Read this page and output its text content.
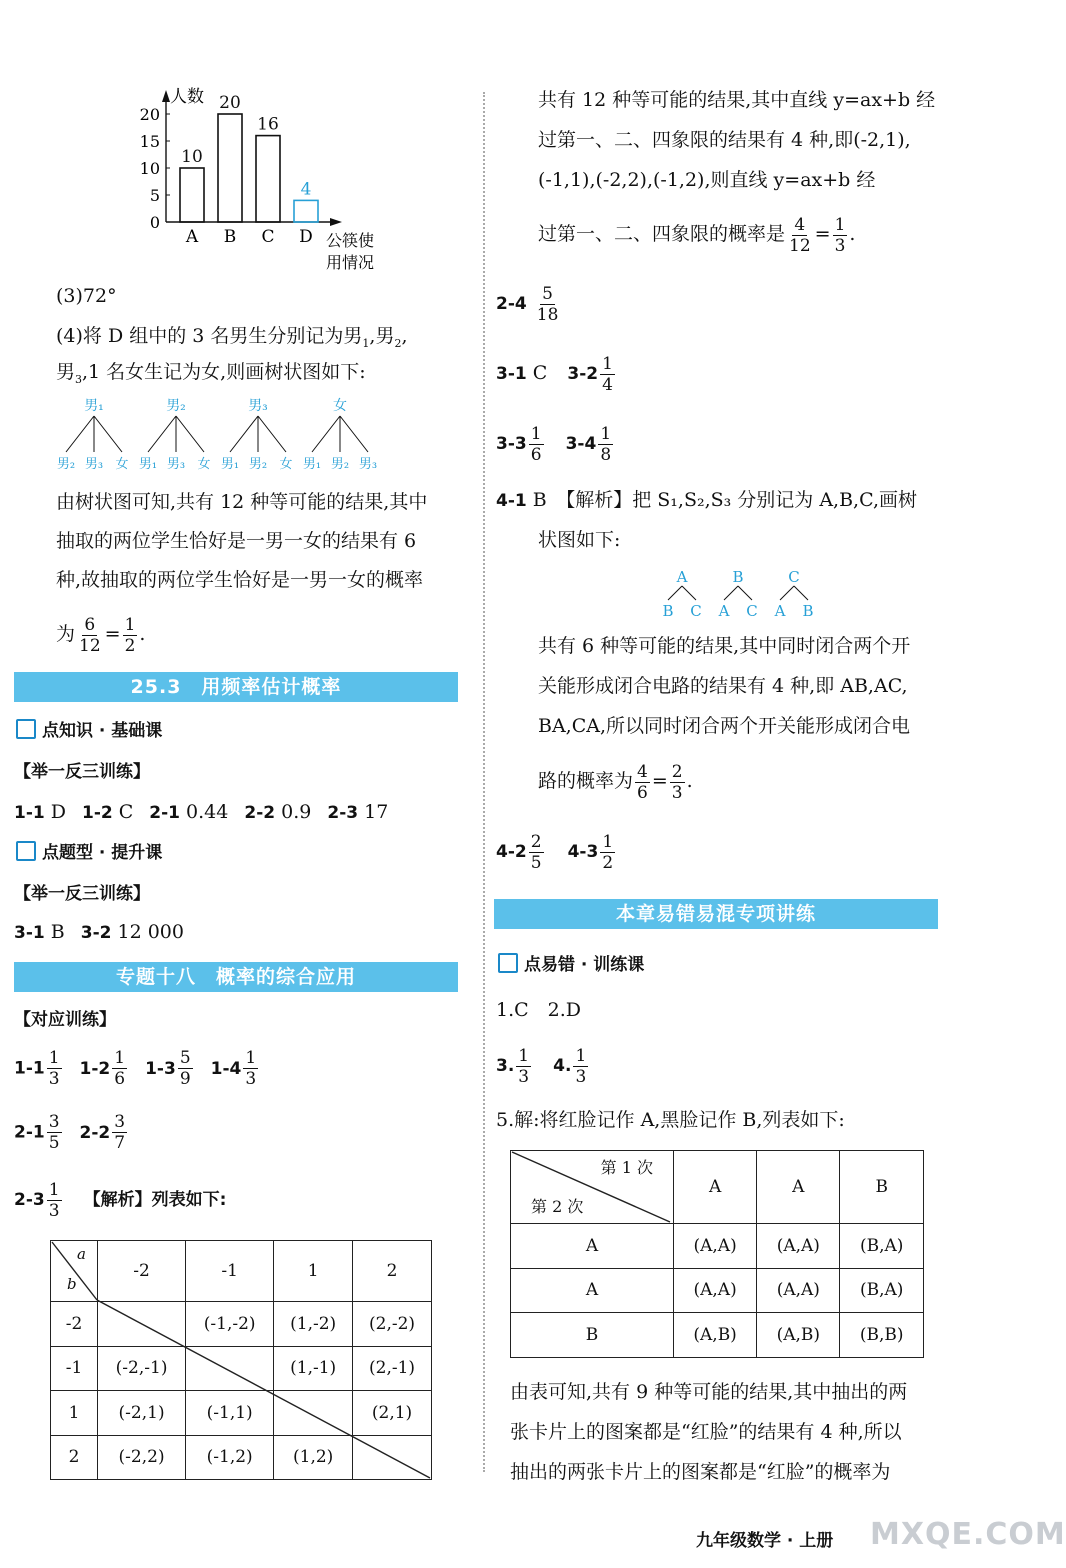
人数
0
5
10
15
20
10
A
20
B
16
C
4
D 公筷使
用情况
(3)72°
(4)将 D 组中的 3 名男生分别记为男$_1$,男$_2$,
男$_3$,1 名女生记为女,则画树状图如下:
男₁
男₂ 男₃ 女
男₂
男₁ 男₃ 女
男₃
男₁ 男₂ 女
女
男₁ 男₂ 男₃
由树状图可知,共有 12 种等可能的结果,其中
抽取的两位学生恰好是一男一女的结果有 6
种,故抽取的两位学生恰好是一男一女的概率
为 $\frac{6}{12} = \frac{1}{2}$ .
25.3　用频率估计概率
点知识 · 基础课
【举一反三训练】
1-1 D 1-2 C 2-1 0.44 2-2 0.9 2-3 17
点题型 · 提升课
【举一反三训练】
3-1 B 3-2 12 000
专题十八　概率的综合应用
【对应训练】
$1-1 \frac{1}{3} 1-2 \frac{1}{6} 1-3 \frac{5}{9} 1-4 \frac{1}{3}$
$2-1 \frac{3}{5} 2-2 \frac{3}{7}$
$2-3 \frac{1}{3}$ 【解析】列表如下:
a
b	-2	-1	1	2
-2		(-1,-2)	(1,-2)	(2,-2)
-1	(-2,-1)		(1,-1)	(2,-1)
1	(-2,1)	(-1,1)		(2,1)
2	(-2,2)	(-1,2)	(1,2)	
共有 12 种等可能的结果,其中直线 y=ax+b 经
过第一、二、四象限的结果有 4 种,即(-2,1),
(-1,1),(-2,2),(-1,2),则直线 y=ax+b 经
过第一、二、四象限的概率是 $\frac{4}{12} = \frac{1}{3}$ .
$2-4 \frac{5}{18}$
3-1 C $3-2 \frac{1}{4}$
$3-3 \frac{1}{6} 3-4 \frac{1}{8}$
4-1 B　【解析】把 S₁,S₂,S₃ 分别记为 A,B,C,画树
状图如下:
A
B C
B
A C
C
A B
共有 6 种等可能的结果,其中同时闭合两个开
关能形成闭合电路的结果有 4 种,即 AB,AC,
BA,CA,所以同时闭合两个开关能形成闭合电
路的概率为 $\frac{4}{6} = \frac{2}{3}$ .
$4-2 \frac{2}{5} 4-3 \frac{1}{2}$
本章易错易混专项讲练
点易错 · 训练课
1.C　2.D
3. $\frac{1}{3} 4$. $\frac{1}{3}$
5.解:将红脸记作 A,黑脸记作 B,列表如下:
第 1 次
第 2 次	A	A	B
A	(A,A)	(A,A)	(B,A)
A	(A,A)	(A,A)	(B,A)
B	(A,B)	(A,B)	(B,B)
由表可知,共有 9 种等可能的结果,其中抽出的两
张卡片上的图案都是“红脸”的结果有 4 种,所以
抽出的两张卡片上的图案都是“红脸”的概率为
九年级数学 · 上册 MXQE.COM
